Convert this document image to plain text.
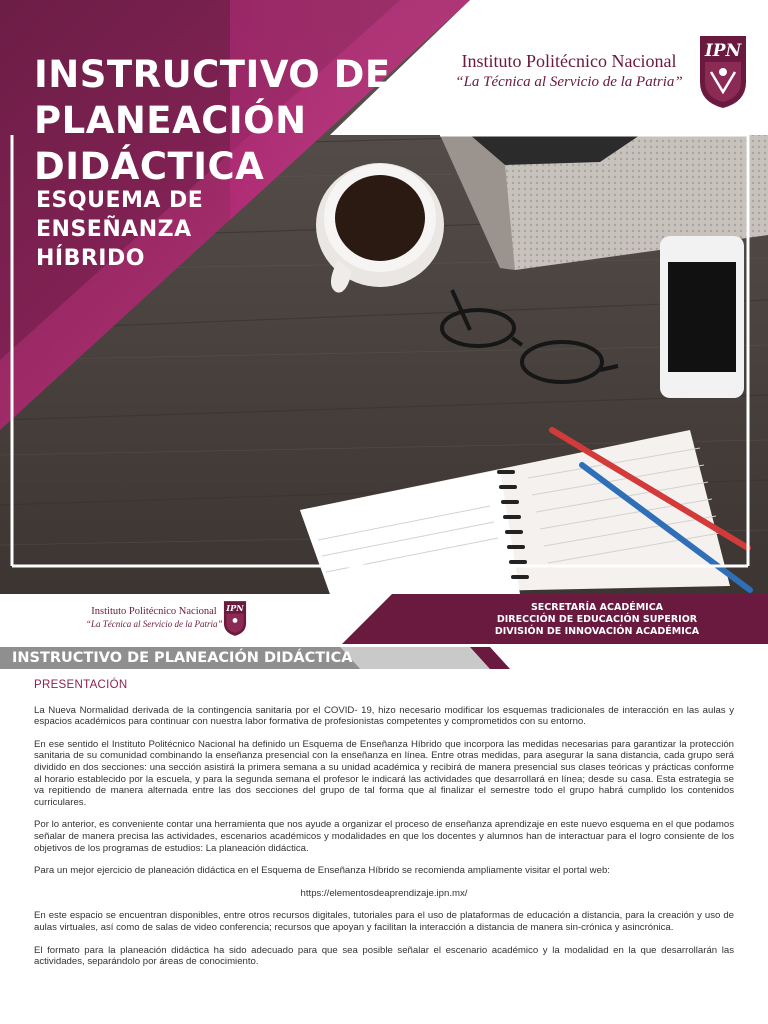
INSTRUCTIVO DE
PLANEACIÓN
DIDÁCTICA
ESQUEMA DE
ENSEÑANZA
HÍBRIDO
Instituto Politécnico Nacional
“La Técnica al Servicio de la Patria”
IPN
Instituto Politécnico Nacional
“La Técnica al Servicio de la Patria”
IPN	SECRETARÍA ACADÉMICA
DIRECCIÓN DE EDUCACIÓN SUPERIOR
DIVISIÓN DE INNOVACIÓN ACADÉMICA
INSTRUCTIVO DE PLANEACIÓN DIDÁCTICA
PRESENTACIÓN

La Nueva Normalidad derivada de la contingencia sanitaria por el COVID- 19, hizo necesario modificar los esquemas tradicionales de interacción en las aulas y espacios académicos para continuar con nuestra labor formativa de profesionistas competentes y comprometidos con su entorno.

En ese sentido el Instituto Politécnico Nacional ha definido un Esquema de Enseñanza Híbrido que incorpora las medidas necesarias para garantizar la protección sanitaria de su comunidad combinando la enseñanza presencial con la enseñanza en línea. Entre otras medidas, para asegurar la sana distancia, cada grupo será dividido en dos secciones: una sección asistirá la primera semana a su unidad académica y recibirá de manera presencial sus clases teóricas y prácticas conforme al horario establecido por la escuela, y para la segunda semana el profesor le indicará las actividades que desarrollará en línea; desde su casa. Esta estrategia se va repitiendo de manera alternada entre las dos secciones del grupo de tal forma que al finalizar el semestre todo el grupo habrá cumplido los contenidos curriculares.

Por lo anterior, es conveniente contar una herramienta que nos ayude a organizar el proceso de enseñanza aprendizaje en este nuevo esquema en el que podamos señalar de manera precisa las actividades, escenarios académicos y modalidades en que los docentes y alumnos han de interactuar para el logro consiente de los objetivos de los programas de estudios: La planeación didáctica.

Para un mejor ejercicio de planeación didáctica en el Esquema de Enseñanza Híbrido se recomienda ampliamente visitar el portal web:

https://elementosdeaprendizaje.ipn.mx/

En este espacio se encuentran disponibles, entre otros recursos digitales, tutoriales para el uso de plataformas de educación a distancia, para la creación y uso de aulas virtuales, así como de salas de video conferencia; recursos que apoyan y facilitan la interacción a distancia de manera sin-crónica y asincrónica.

El formato para la planeación didáctica ha sido adecuado para que sea posible señalar el escenario académico y la modalidad en la que desarrollarán las actividades, separándolo por áreas de conocimiento.
